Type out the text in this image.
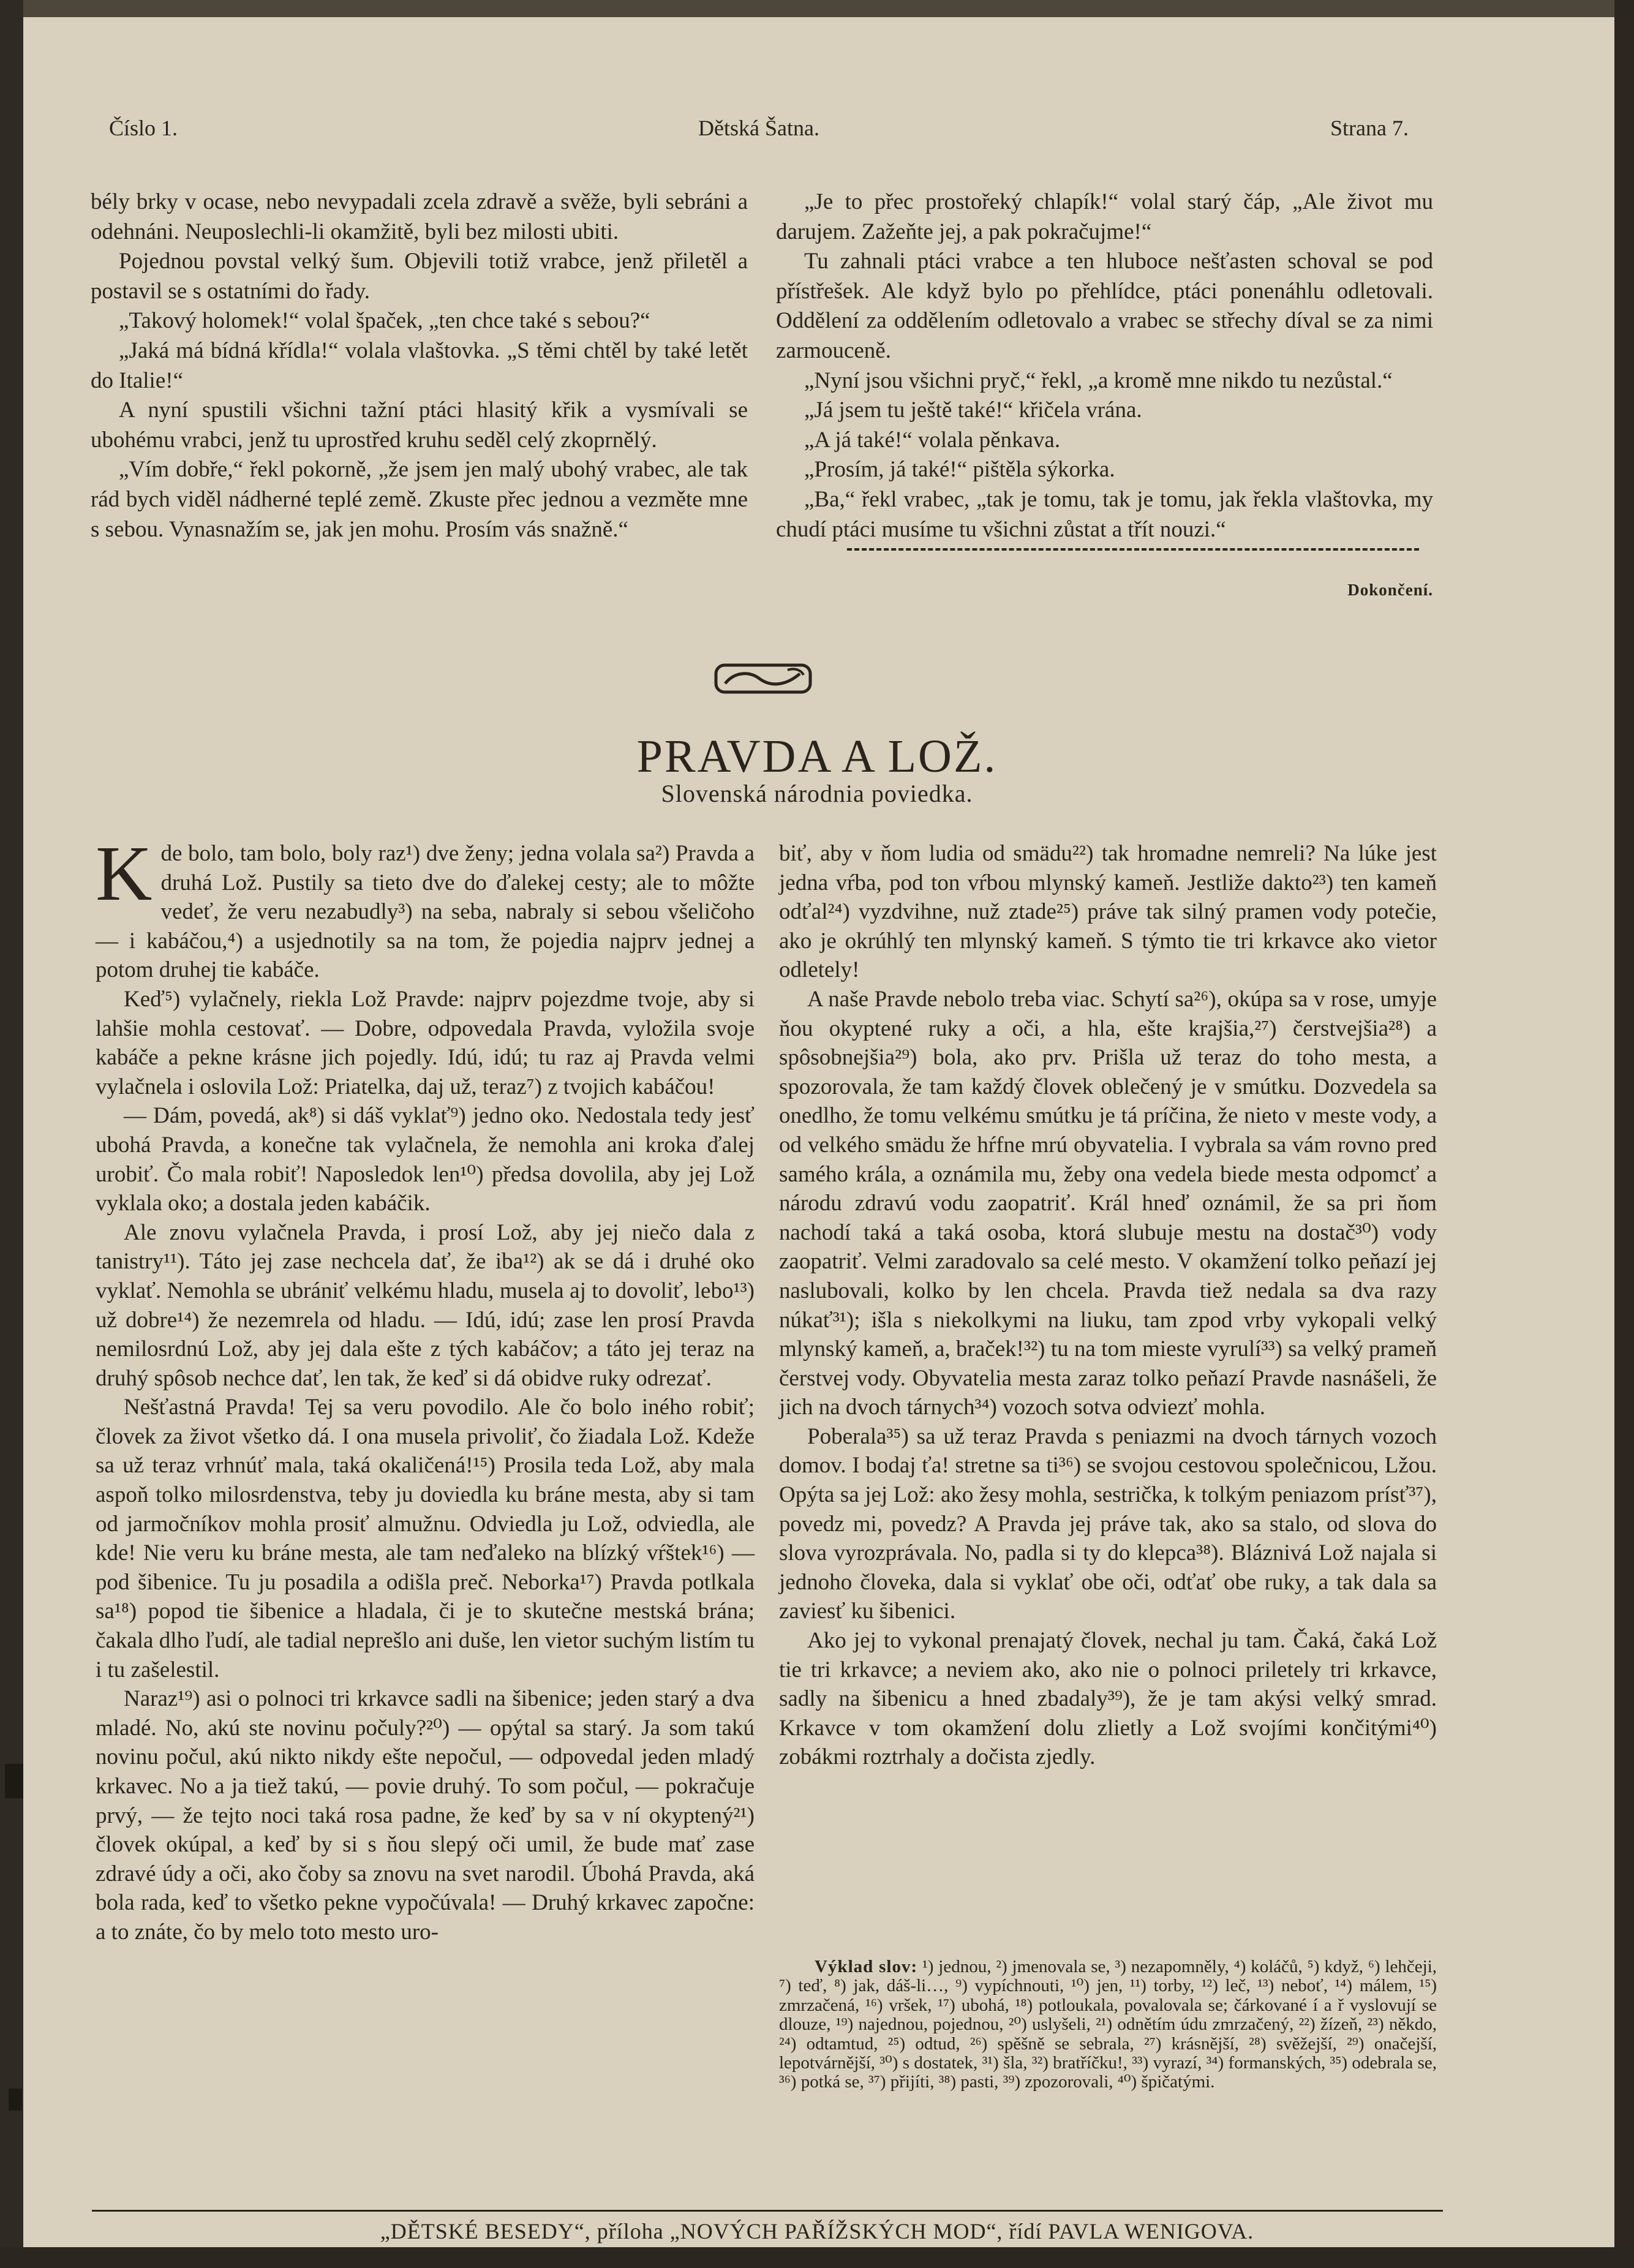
Číslo 1.	Dětská Šatna.	Strana 7.

bély brky v ocase, nebo nevypadali zcela zdravě a svěže, byli sebráni a odehnáni. Neuposlechli-li okamžitě, byli bez milosti ubiti.

Pojednou povstal velký šum. Objevili totiž vrabce, jenž přiletěl a postavil se s ostatními do řady.

„Takový holomek!“ volal špaček, „ten chce také s sebou?“

„Jaká má bídná křídla!“ volala vlaštovka. „S těmi chtěl by také letět do Italie!“

A nyní spustili všichni tažní ptáci hlasitý křik a vysmívali se ubohému vrabci, jenž tu uprostřed kruhu seděl celý zkoprnělý.

„Vím dobře,“ řekl pokorně, „že jsem jen malý ubohý vrabec, ale tak rád bych viděl nádherné teplé země. Zkuste přec jednou a vezměte mne s sebou. Vynasnažím se, jak jen mohu. Prosím vás snažně.“

„Je to přec prostořeký chlapík!“ volal starý čáp, „Ale život mu darujem. Zažeňte jej, a pak pokračujme!“

Tu zahnali ptáci vrabce a ten hluboce nešťasten schoval se pod přístřešek. Ale když bylo po přehlídce, ptáci ponenáhlu odletovali. Oddělení za oddělením odletovalo a vrabec se střechy díval se za nimi zarmouceně.

„Nyní jsou všichni pryč,“ řekl, „a kromě mne nikdo tu nezůstal.“

„Já jsem tu ještě také!“ křičela vrána.

„A já také!“ volala pěnkava.

„Prosím, já také!“ pištěla sýkorka.

„Ba,“ řekl vrabec, „tak je tomu, tak je tomu, jak řekla vlaštovka, my chudí ptáci musíme tu všichni zůstat a třít nouzi.“

Dokončení.
PRAVDA A LOŽ.
Slovenská národnia poviedka.

Kde bolo, tam bolo, boly raz¹) dve ženy; jedna volala sa²) Pravda a druhá Lož. Pustily sa tieto dve do ďalekej cesty; ale to môžte vedeť, že veru nezabudly³) na seba, nabraly si sebou všeličoho — i kabáčou,⁴) a usjednotily sa na tom, že pojedia najprv jednej a potom druhej tie kabáče.

Keď⁵) vylačnely, riekla Lož Pravde: najprv pojezdme tvoje, aby si lahšie mohla cestovať. — Dobre, odpovedala Pravda, vyložila svoje kabáče a pekne krásne jich pojedly. Idú, idú; tu raz aj Pravda velmi vylačnela i oslovila Lož: Priatelka, daj už, teraz⁷) z tvojich kabáčou!

— Dám, povedá, ak⁸) si dáš vyklať⁹) jedno oko. Nedostala tedy jesť ubohá Pravda, a konečne tak vylačnela, že nemohla ani kroka ďalej urobiť. Čo mala robiť! Naposledok len¹⁰) předsa dovolila, aby jej Lož vyklala oko; a dostala jeden kabáčik.

Ale znovu vylačnela Pravda, i prosí Lož, aby jej niečo dala z tanistry¹¹). Táto jej zase nechcela dať, že iba¹²) ak se dá i druhé oko vyklať. Nemohla se ubrániť velkému hladu, musela aj to dovoliť, lebo¹³) už dobre¹⁴) že nezemrela od hladu. — Idú, idú; zase len prosí Pravda nemilosrdnú Lož, aby jej dala ešte z tých kabáčov; a táto jej teraz na druhý spôsob nechce dať, len tak, že keď si dá obidve ruky odrezať.

Nešťastná Pravda! Tej sa veru povodilo. Ale čo bolo iného robiť; človek za život všetko dá. I ona musela privoliť, čo žiadala Lož. Kdeže sa už teraz vrhnúť mala, taká okaličená!¹⁵) Prosila teda Lož, aby mala aspoň tolko milosrdenstva, teby ju doviedla ku bráne mesta, aby si tam od jarmočníkov mohla prosiť almužnu. Odviedla ju Lož, odviedla, ale kde! Nie veru ku bráne mesta, ale tam neďaleko na blízký vŕštek¹⁶) — pod šibenice. Tu ju posadila a odišla preč. Neborka¹⁷) Pravda potlkala sa¹⁸) popod tie šibenice a hladala, či je to skutečne mestská brána; čakala dlho ľudí, ale tadial neprešlo ani duše, len vietor suchým listím tu i tu zašelestil.

Naraz¹⁹) asi o polnoci tri krkavce sadli na šibenice; jeden starý a dva mladé. No, akú ste novinu počuly?²⁰) — opýtal sa starý. Ja som takú novinu počul, akú nikto nikdy ešte nepočul, — odpovedal jeden mladý krkavec. No a ja tiež takú, — povie druhý. To som počul, — pokračuje prvý, — že tejto noci taká rosa padne, že keď by sa v ní okyptený²¹) človek okúpal, a keď by si s ňou slepý oči umil, že bude mať zase zdravé údy a oči, ako čoby sa znovu na svet narodil. Úbohá Pravda, aká bola rada, keď to všetko pekne vypočúvala! — Druhý krkavec započne: a to znáte, čo by melo toto mesto uro-

biť, aby v ňom ludia od smädu²²) tak hromadne nemreli? Na lúke jest jedna vŕba, pod ton vŕbou mlynský kameň. Jestliže dakto²³) ten kameň odťal²⁴) vyzdvihne, nuž ztade²⁵) práve tak silný pramen vody potečie, ako je okrúhlý ten mlynský kameň. S týmto tie tri krkavce ako vietor odletely!

A naše Pravde nebolo treba viac. Schytí sa²⁶), okúpa sa v rose, umyje ňou okyptené ruky a oči, a hla, ešte krajšia,²⁷) čerstvejšia²⁸) a spôsobnejšia²⁹) bola, ako prv. Prišla už teraz do toho mesta, a spozorovala, že tam každý človek oblečený je v smútku. Dozvedela sa onedlho, že tomu velkému smútku je tá príčina, že nieto v meste vody, a od velkého smädu že hŕfne mrú obyvatelia. I vybrala sa vám rovno pred samého krála, a oznámila mu, žeby ona vedela biede mesta odpomcť a národu zdravú vodu zaopatriť. Král hneď oznámil, že sa pri ňom nachodí taká a taká osoba, ktorá slubuje mestu na dostač³⁰) vody zaopatriť. Velmi zaradovalo sa celé mesto. V okamžení tolko peňazí jej naslubovali, kolko by len chcela. Pravda tiež nedala sa dva razy núkať³¹); išla s niekolkymi na liuku, tam zpod vrby vykopali velký mlynský kameň, a, braček!³²) tu na tom mieste vyrulí³³) sa velký prameň čerstvej vody. Obyvatelia mesta zaraz tolko peňazí Pravde nasnášeli, že jich na dvoch tárnych³⁴) vozoch sotva odviezť mohla.

Poberala³⁵) sa už teraz Pravda s peniazmi na dvoch tárnych vozoch domov. I bodaj ťa! stretne sa ti³⁶) se svojou cestovou společnicou, Lžou. Opýta sa jej Lož: ako žesy mohla, sestrička, k tolkým peniazom prísť³⁷), povedz mi, povedz? A Pravda jej práve tak, ako sa stalo, od slova do slova vyrozprávala. No, padla si ty do klepca³⁸). Bláznivá Lož najala si jednoho človeka, dala si vyklať obe oči, odťať obe ruky, a tak dala sa zaviesť ku šibenici.

Ako jej to vykonal prenajatý človek, nechal ju tam. Čaká, čaká Lož tie tri krkavce; a neviem ako, ako nie o polnoci priletely tri krkavce, sadly na šibenicu a hned zbadaly³⁹), že je tam akýsi velký smrad. Krkavce v tom okamžení dolu zlietly a Lož svojími končitými⁴⁰) zobákmi roztrhaly a dočista zjedly.

Výklad slov: ¹) jednou, ²) jmenovala se, ³) nezapomněly, ⁴) koláčů, ⁵) když, ⁶) lehčeji, ⁷) teď, ⁸) jak, dáš-li…, ⁹) vypíchnouti, ¹⁰) jen, ¹¹) torby, ¹²) leč, ¹³) neboť, ¹⁴) málem, ¹⁵) zmrzačená, ¹⁶) vršek, ¹⁷) ubohá, ¹⁸) potloukala, povalovala se; čárkované í a ř vyslovují se dlouze, ¹⁹) najednou, pojednou, ²⁰) uslyšeli, ²¹) odnětím údu zmrzačený, ²²) žízeň, ²³) někdo, ²⁴) odtamtud, ²⁵) odtud, ²⁶) spěšně se sebrala, ²⁷) krásnější, ²⁸) svěžejší, ²⁹) onačejší, lepotvárnější, ³⁰) s dostatek, ³¹) šla, ³²) bratříčku!, ³³) vyrazí, ³⁴) formanských, ³⁵) odebrala se, ³⁶) potká se, ³⁷) přijíti, ³⁸) pasti, ³⁹) zpozorovali, ⁴⁰) špičatými.

„DĚTSKÉ BESEDY“, příloha „NOVÝCH PAŘÍŽSKÝCH MOD“, řídí PAVLA WENIGOVA.
